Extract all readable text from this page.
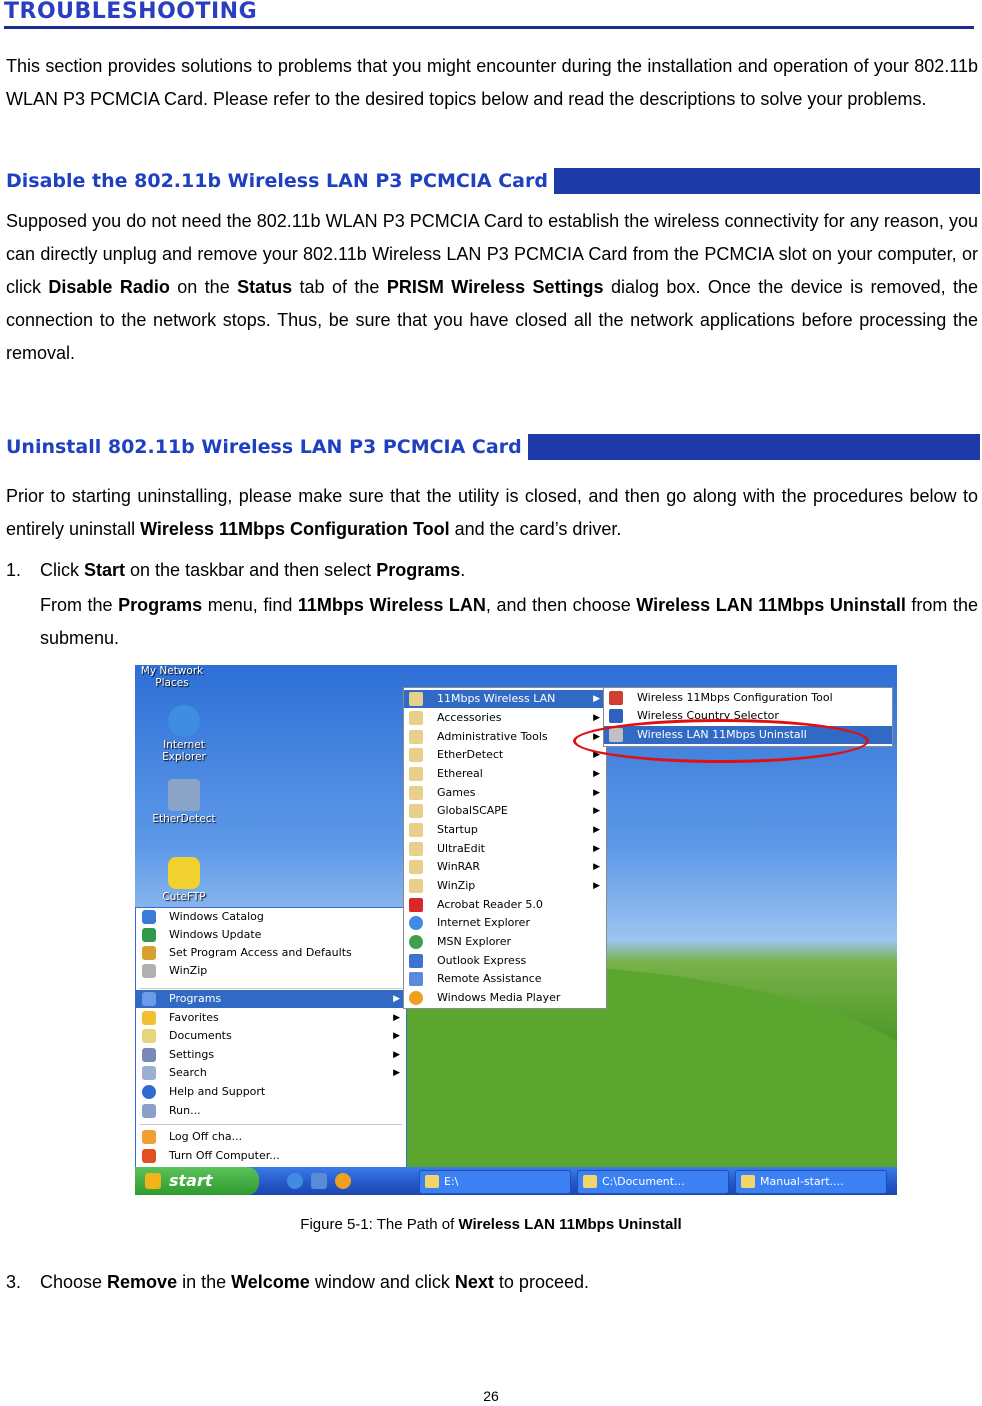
TROUBLESHOOTING
This section provides solutions to problems that you might encounter during the installation and operation of your 802.11b WLAN P3 PCMCIA Card. Please refer to the desired topics below and read the descriptions to solve your problems.
Disable the 802.11b Wireless LAN P3 PCMCIA Card
Supposed you do not need the 802.11b WLAN P3 PCMCIA Card to establish the wireless connectivity for any reason, you can directly unplug and remove your 802.11b Wireless LAN P3 PCMCIA Card from the PCMCIA slot on your computer, or click Disable Radio on the Status tab of the PRISM Wireless Settings dialog box. Once the device is removed, the connection to the network stops. Thus, be sure that you have closed all the network applications before processing the removal.
Uninstall 802.11b Wireless LAN P3 PCMCIA Card
Prior to starting uninstalling, please make sure that the utility is closed, and then go along with the procedures below to entirely uninstall Wireless 11Mbps Configuration Tool and the card’s driver.
1. Click Start on the taskbar and then select Programs.
From the Programs menu, find 11Mbps Wireless LAN, and then choose Wireless LAN 11Mbps Uninstall from the submenu.
My Network Places
Internet Explorer
EtherDetect
CuteFTP
Windows Catalog
Windows Update
Set Program Access and Defaults
WinZip
Programs	▶
Favorites	▶
Documents	▶
Settings	▶
Search	▶
Help and Support
Run...
Log Off cha...
Turn Off Computer...
11Mbps Wireless LAN	▶
Accessories	▶
Administrative Tools	▶
EtherDetect	▶
Ethereal	▶
Games	▶
GlobalSCAPE	▶
Startup	▶
UltraEdit	▶
WinRAR	▶
WinZip	▶
Acrobat Reader 5.0
Internet Explorer
MSN Explorer
Outlook Express
Remote Assistance
Windows Media Player
Wireless 11Mbps Configuration Tool
Wireless Country Selector
Wireless LAN 11Mbps Uninstall
start	E:\	C:\Document...	Manual-start....
Figure 5-1: The Path of Wireless LAN 11Mbps Uninstall
3. Choose Remove in the Welcome window and click Next to proceed.
26
